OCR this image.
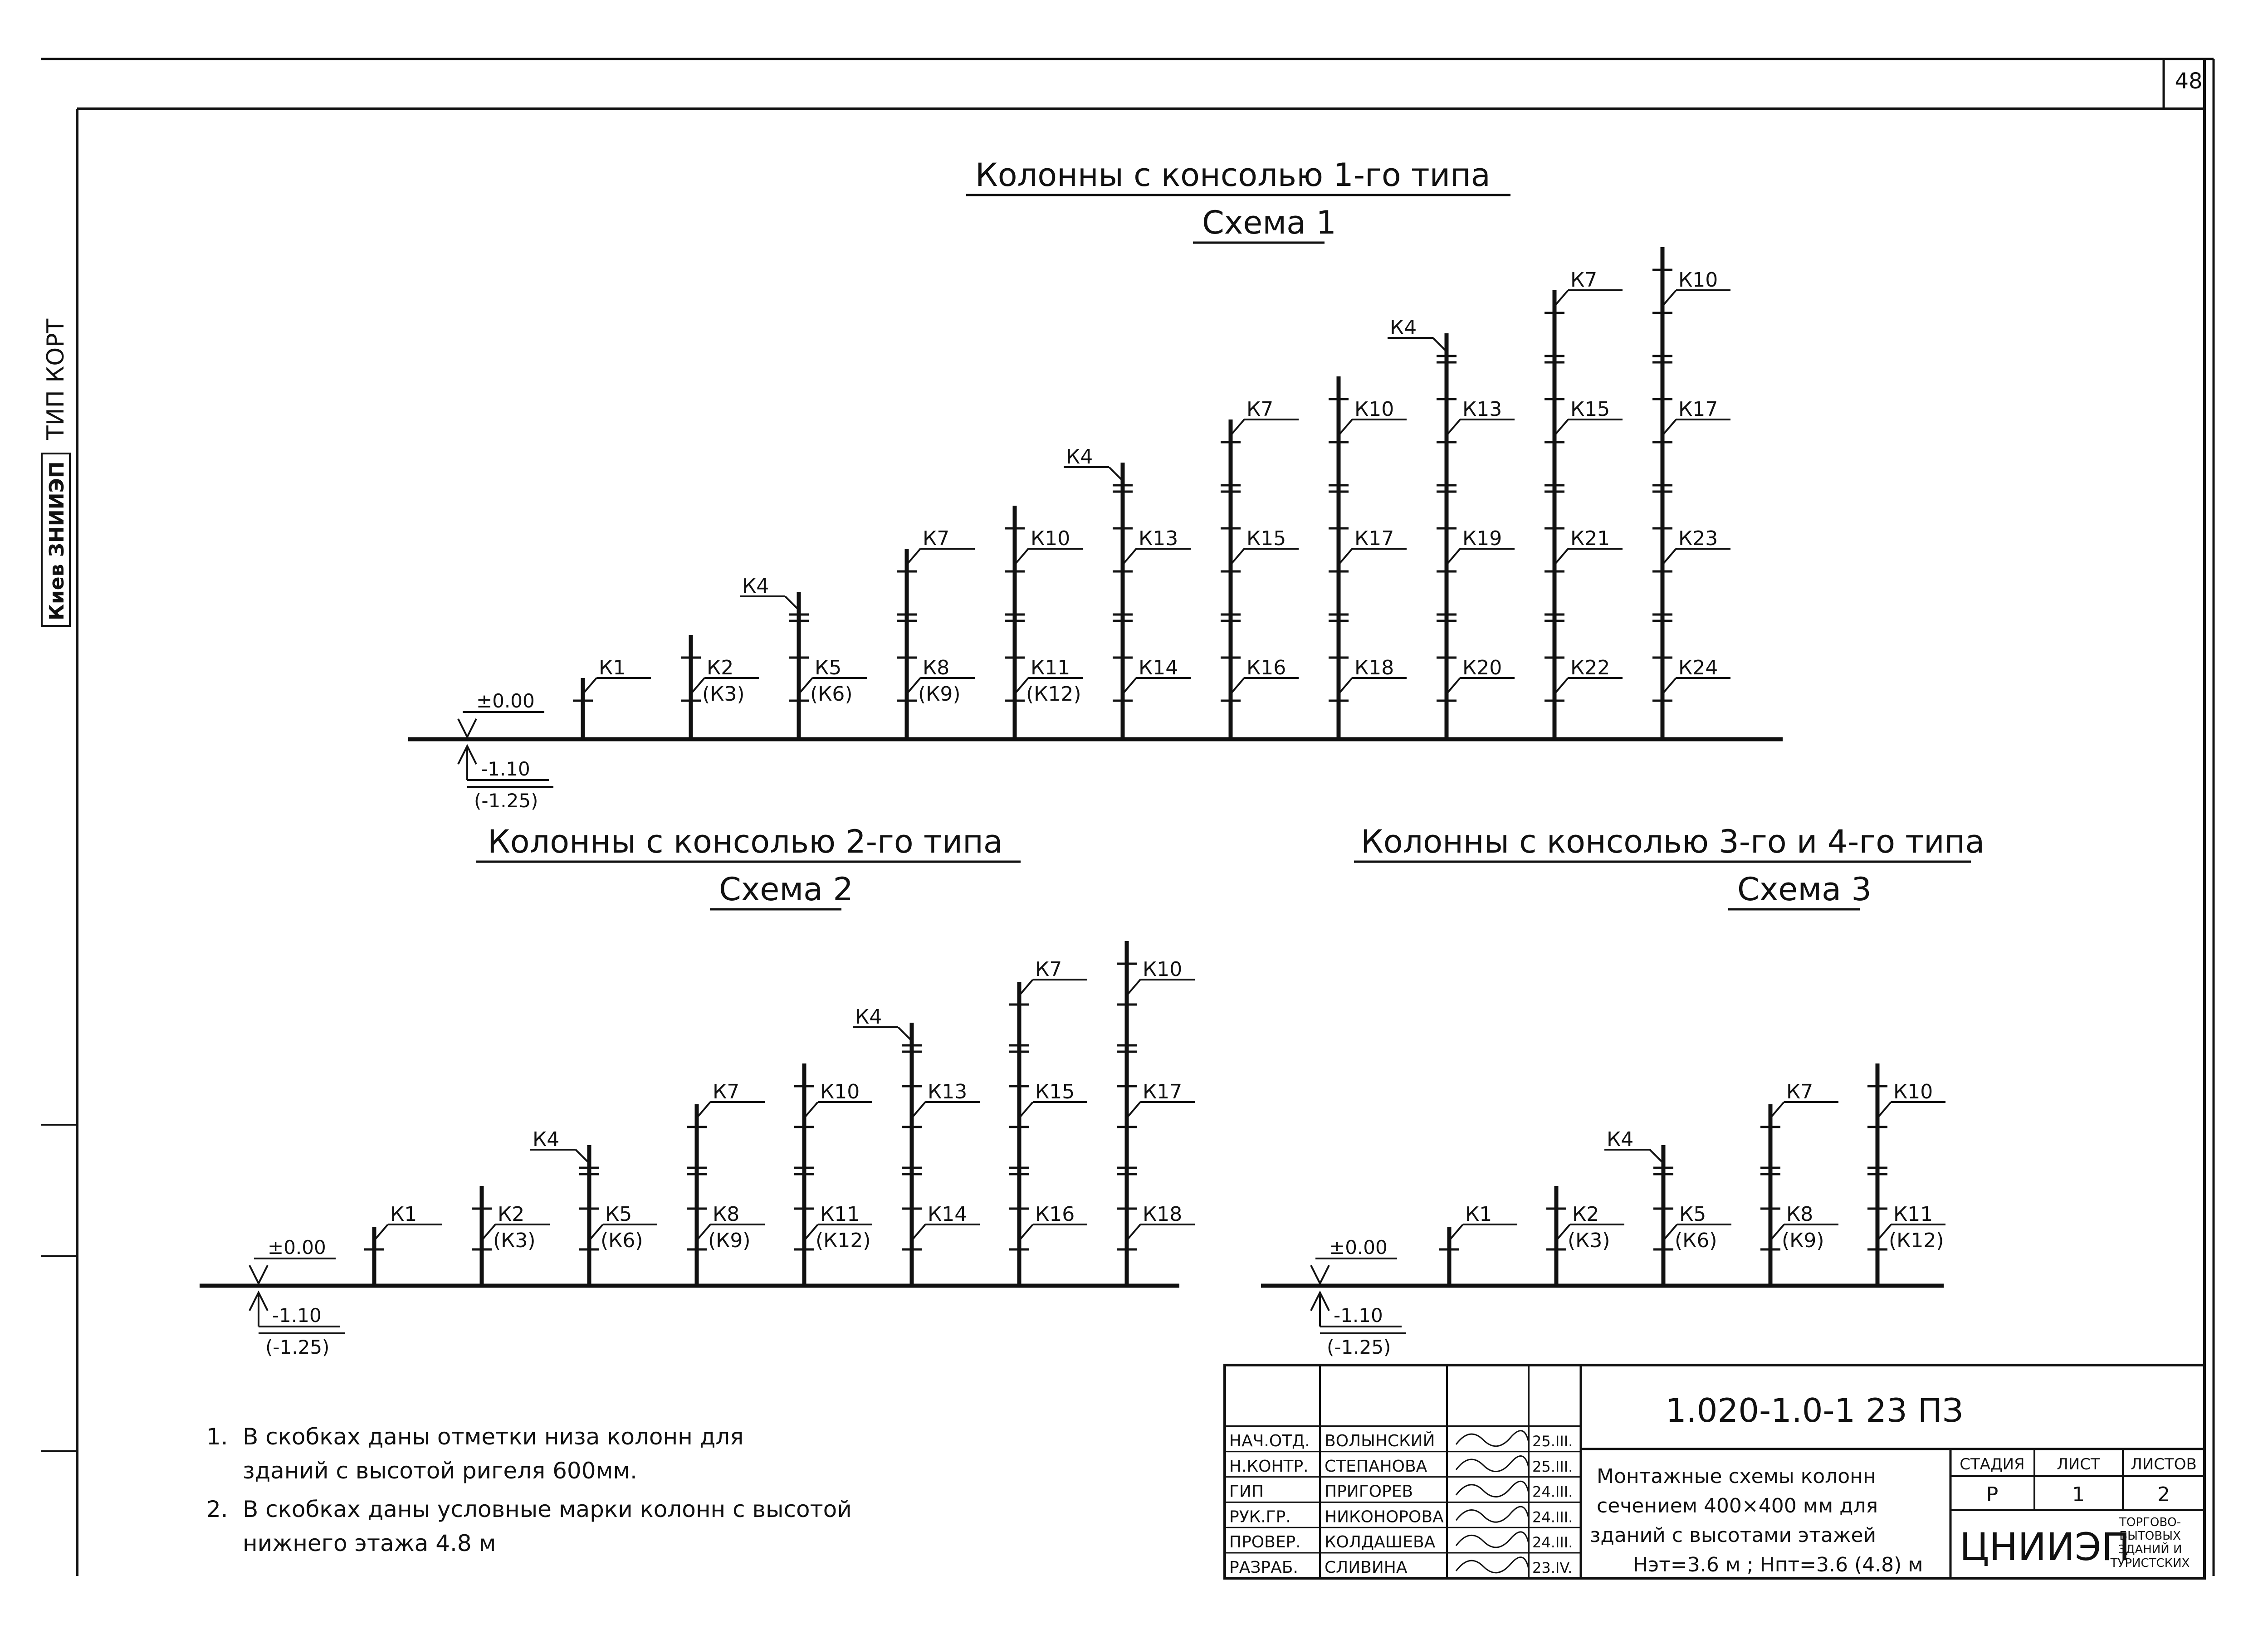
48
Киев ЗНИИЭП
ТИП КОРТ
Колонны с консолью 1-го типа
Схема 1
±0.00
-1.10
(-1.25)
К1	К2
(К3)
К4
К5
(К6)
К7
К8
(К9)
К10
К11
(К12)
К4
К13
К14
К7
К15
К16
К10
К17
К18
К4
К13
К19
К20
К7
К15
К21
К22
К10
К17
К23
К24
Колонны с консолью 2-го типа
Схема 2
±0.00
-1.10
(-1.25)
К1	К2
(К3)
К4
К5
(К6)
К7
К8
(К9)
К10
К11
(К12)
К4
К13
К14
К7
К15
К16
К10
К17
К18
Колонны с консолью 3-го и 4-го типа
Схема 3
±0.00
-1.10
(-1.25)
К1	К2
(К3)
К4
К5
(К6)
К7
К8
(К9)
К10
К11
(К12)
1. В скобках даны отметки низа колонн для
зданий с высотой ригеля 600мм.
2. В скобках даны условные марки колонн с высотой
нижнего этажа 4.8 м
НАЧ.ОТД. ВОЛЫНСКИЙ	25.III.
Н.КОНТР. СТЕПАНОВА	25.III.
ГИП	ПРИГОРЕВ	24.III.
РУК.ГР. НИКОНОРОВА	24.III.
ПРОВЕР. КОЛДАШЕВА	24.III.
РАЗРАБ. СЛИВИНА	23.IV.
1.020-1.0-1 23 ПЗ
Монтажные схемы колонн
сечением 400×400 мм для
зданий с высотами этажей
Нэт=3.6 м ; Нпт=3.6 (4.8) м
СТАДИЯ ЛИСТ ЛИСТОВ
Р	1	2
ЦНИИЭП
ТОРГОВО-
БЫТОВЫХ
ЗДАНИЙ И
ТУРИСТСКИХ
